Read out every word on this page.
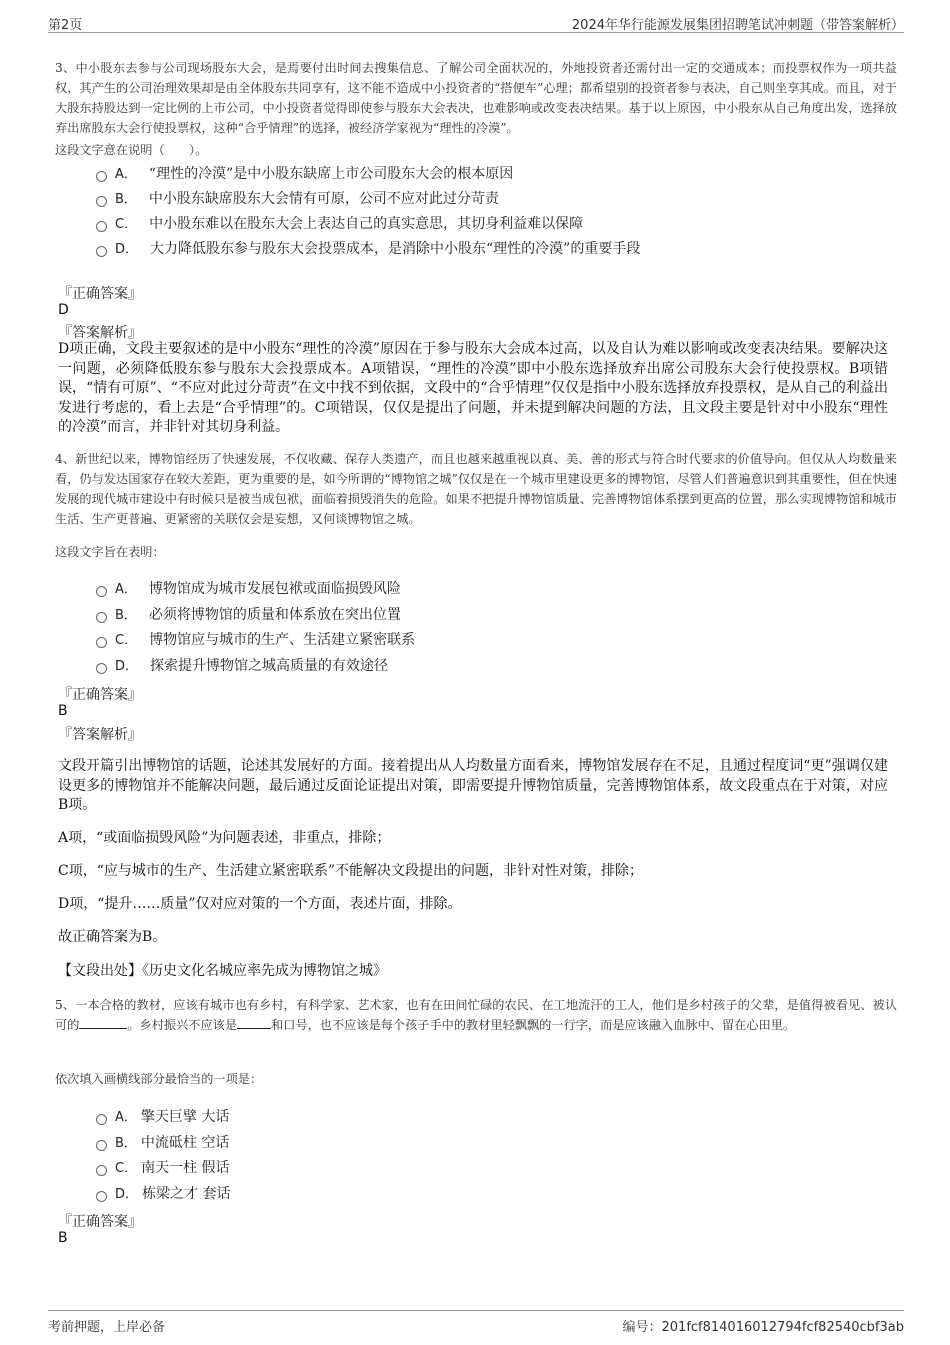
第2页	2024年华行能源发展集团招聘笔试冲刺题（带答案解析）
3、中小股东去参与公司现场股东大会，是焉要付出时间去搜集信息、了解公司全面状况的，外地投资者还需付出一定的交通成本；而投票权作为一项共益权，其产生的公司治理效果却是由全体股东共同享有，这不能不造成中小投资者的“搭便车”心理；都希望别的投资者参与表决，自己则坐享其成。而且，对于大股东持股达到一定比例的上市公司，中小投资者觉得即使参与股东大会表决，也难影响或改变表决结果。基于以上原因，中小股东从自己角度出发，选择放弃出席股东大会行使投票权，这种“合乎情理”的选择，被经济学家视为“理性的冷漠”。
这段文字意在说明（　　）。
A． “理性的冷漠”是中小股东缺席上市公司股东大会的根本原因
B． 中小股东缺席股东大会情有可原，公司不应对此过分苛责
C． 中小股东难以在股东大会上表达自己的真实意思，其切身利益难以保障
D． 大力降低股东参与股东大会投票成本，是消除中小股东“理性的冷漠”的重要手段
『正确答案』
D
『答案解析』
D项正确，文段主要叙述的是中小股东“理性的冷漠”原因在于参与股东大会成本过高，以及自认为难以影响或改变表决结果。要解决这一问题，必须降低股东参与股东大会投票成本。A项错误，“理性的冷漠”即中小股东选择放弃出席公司股东大会行使投票权。B项错误，“情有可原”、“不应对此过分苛责”在文中找不到依据，文段中的“合乎情理”仅仅是指中小股东选择放弃投票权，是从自己的利益出发进行考虑的，看上去是“合乎情理”的。C项错误，仅仅是提出了问题，并未提到解决问题的方法，且文段主要是针对中小股东“理性的冷漠”而言，并非针对其切身利益。
4、新世纪以来，博物馆经历了快速发展，不仅收藏、保存人类遗产，而且也越来越重视以真、美、善的形式与符合时代要求的价值导向。但仅从人均数量来看，仍与发达国家存在较大差距，更为重要的是，如今所谓的“博物馆之城”仅仅是在一个城市里建设更多的博物馆，尽管人们普遍意识到其重要性，但在快速发展的现代城市建设中有时候只是被当成包袱，面临着损毁消失的危险。如果不把提升博物馆质量、完善博物馆体系摆到更高的位置，那么实现博物馆和城市生活、生产更普遍、更紧密的关联仅会是妄想，又何谈博物馆之城。
这段文字旨在表明：
A． 博物馆成为城市发展包袱或面临损毁风险
B． 必须将博物馆的质量和体系放在突出位置
C． 博物馆应与城市的生产、生活建立紧密联系
D． 探索提升博物馆之城高质量的有效途径
『正确答案』
B
『答案解析』
文段开篇引出博物馆的话题，论述其发展好的方面。接着提出从人均数量方面看来，博物馆发展存在不足，且通过程度词“更”强调仅建设更多的博物馆并不能解决问题，最后通过反面论证提出对策，即需要提升博物馆质量，完善博物馆体系，故文段重点在于对策，对应B项。
A项，“或面临损毁风险”为问题表述，非重点，排除；
C项，“应与城市的生产、生活建立紧密联系”不能解决文段提出的问题，非针对性对策，排除；
D项，“提升……质量”仅对应对策的一个方面，表述片面，排除。
故正确答案为B。
【文段出处】《历史文化名城应率先成为博物馆之城》
5、一本合格的教材，应该有城市也有乡村，有科学家、艺术家，也有在田间忙碌的农民、在工地流汗的工人，他们是乡村孩子的父辈，是值得被看见、被认可的	。乡村振兴不应该是	和口号，也不应该是每个孩子手中的教材里轻飘飘的一行字，而是应该融入血脉中、留在心田里。
依次填入画横线部分最恰当的一项是：
A． 擎天巨擘 大话
B． 中流砥柱 空话
C． 南天一柱 假话
D． 栋梁之才 套话
『正确答案』
B
考前押题，上岸必备	编号：201fcf814016012794fcf82540cbf3ab
